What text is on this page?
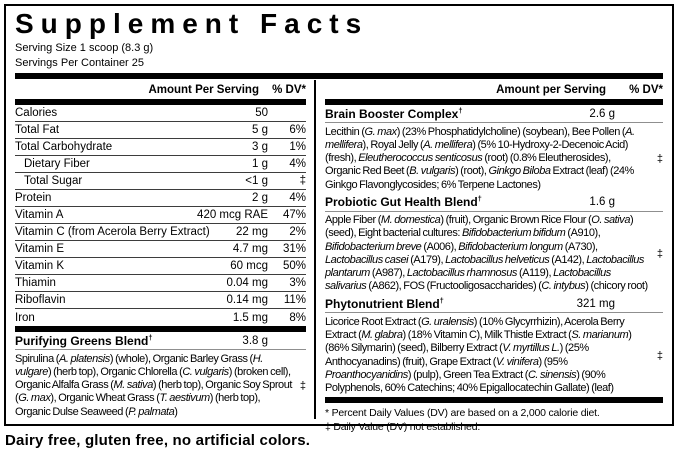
Supplement Facts
Serving Size 1 scoop (8.3 g)
Servings Per Container 25
Amount Per Serving	% DV*
Calories	50
Total Fat	5 g	6%
Total Carbohydrate	3 g	1%
Dietary Fiber	1 g	4%
Total Sugar	<1 g	‡
Protein	2 g	4%
Vitamin A	420 mcg RAE	47%
Vitamin C (from Acerola Berry Extract)	22 mg	2%
Vitamin E	4.7 mg	31%
Vitamin K	60 mcg	50%
Thiamin	0.04 mg	3%
Riboflavin	0.14 mg	11%
Iron	1.5 mg	8%
Purifying Greens Blend†	3.8 g

Spirulina (A. platensis) (whole), Organic Barley Grass (H. vulgare) (herb top), Organic Chlorella (C. vulgaris) (broken cell), Organic Alfalfa Grass (M. sativa) (herb top), Organic Soy Sprout (G. max), Organic Wheat Grass (T. aestivum) (herb top), Organic Dulse Seaweed (P. palmata)

‡
Amount per Serving	% DV*
Brain Booster Complex†	2.6 g

Lecithin (G. max) (23% Phosphatidylcholine) (soybean), Bee Pollen (A. mellifera), Royal Jelly (A. mellifera) (5% 10-Hydroxy-2-Decenoic Acid) (fresh), Eleutherococcus senticosus (root) (0.8% Eleutherosides), Organic Red Beet (B. vulgaris) (root), Ginkgo Biloba Extract (leaf) (24% Ginkgo Flavonglycosides; 6% Terpene Lactones)

‡
Probiotic Gut Health Blend†	1.6 g

Apple Fiber (M. domestica) (fruit), Organic Brown Rice Flour (O. sativa) (seed), Eight bacterial cultures: Bifidobacterium bifidum (A910), Bifidobacterium breve (A006), Bifidobacterium longum (A730), Lactobacillus casei (A179), Lactobacillus helveticus (A142), Lactobacillus plantarum (A987), Lactobacillus rhamnosus (A119), Lactobacillus salivarius (A862), FOS (Fructooligosaccharides) (C. intybus) (chicory root)

‡
Phytonutrient Blend†	321 mg

Licorice Root Extract (G. uralensis) (10% Glycyrrhizin), Acerola Berry Extract (M. glabra) (18% Vitamin C), Milk Thistle Extract (S. marianum) (86% Silymarin) (seed), Bilberry Extract (V. myrtillus L.) (25% Anthocyanadins) (fruit), Grape Extract (V. vinifera) (95% Proanthocyanidins) (pulp), Green Tea Extract (C. sinensis) (90% Polyphenols, 60% Catechins; 40% Epigallocatechin Gallate) (leaf)

‡
* Percent Daily Values (DV) are based on a 2,000 calorie diet.
‡ Daily Value (DV) not established.
Dairy free, gluten free, no artificial colors.
